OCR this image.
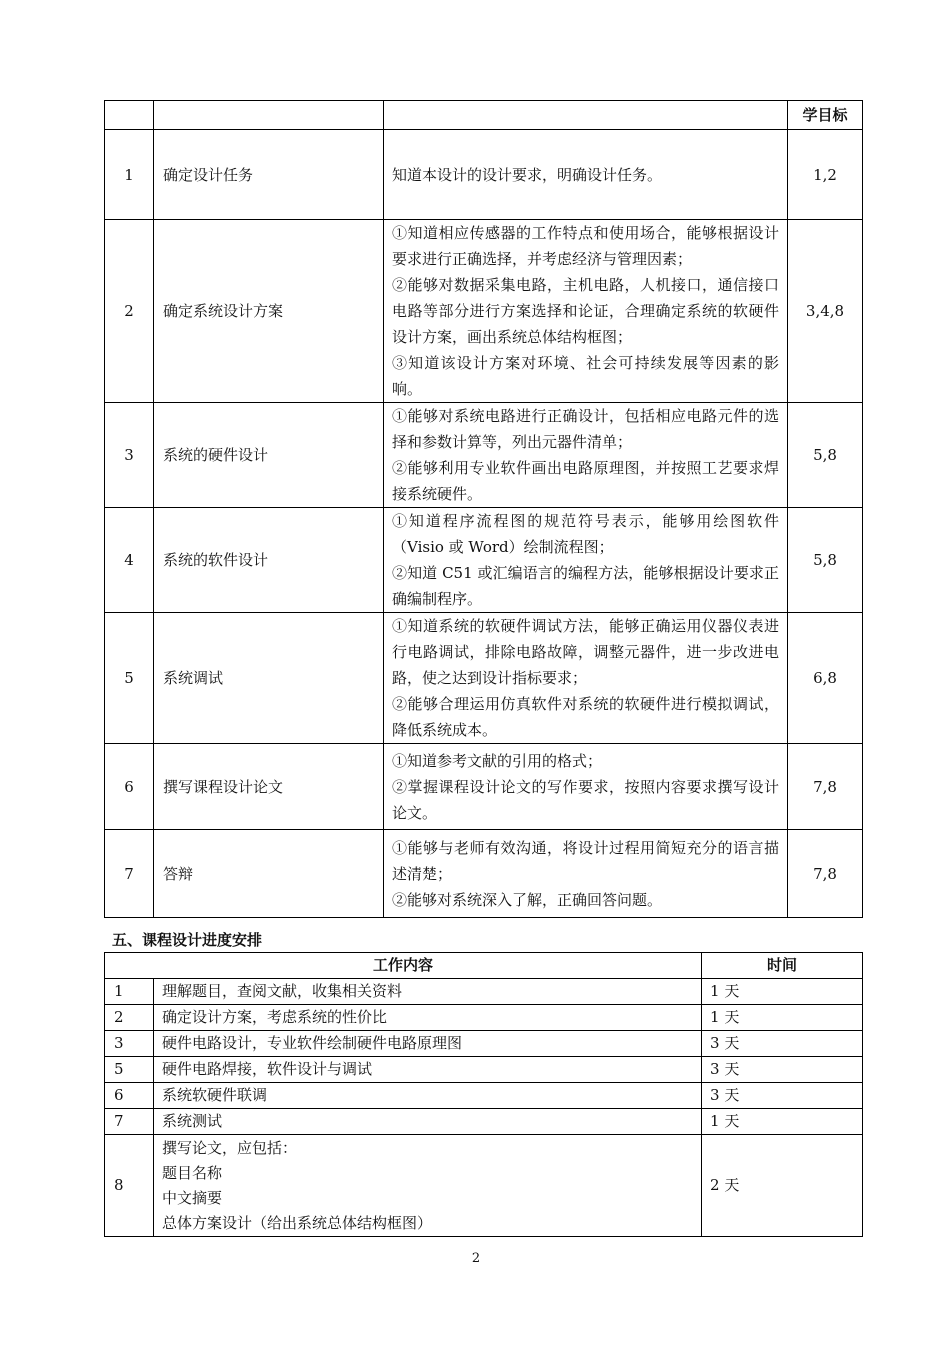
			学目标
1	确定设计任务	知道本设计的设计要求，明确设计任务。	1,2
2	确定系统设计方案	①知道相应传感器的工作特点和使用场合，能够根据设计要求进行正确选择，并考虑经济与管理因素；
②能够对数据采集电路，主机电路，人机接口，通信接口电路等部分进行方案选择和论证，合理确定系统的软硬件设计方案，画出系统总体结构框图；
③知道该设计方案对环境、社会可持续发展等因素的影响。	3,4,8
3	系统的硬件设计	①能够对系统电路进行正确设计，包括相应电路元件的选择和参数计算等，列出元器件清单；
②能够利用专业软件画出电路原理图，并按照工艺要求焊接系统硬件。	5,8
4	系统的软件设计	①知道程序流程图的规范符号表示，能够用绘图软件（Visio 或 Word）绘制流程图；
②知道 C51 或汇编语言的编程方法，能够根据设计要求正确编制程序。	5,8
5	系统调试	①知道系统的软硬件调试方法，能够正确运用仪器仪表进行电路调试，排除电路故障，调整元器件，进一步改进电路，使之达到设计指标要求；
②能够合理运用仿真软件对系统的软硬件进行模拟调试，降低系统成本。	6,8
6	撰写课程设计论文	①知道参考文献的引用的格式；
②掌握课程设计论文的写作要求，按照内容要求撰写设计论文。	7,8
7	答辩	①能够与老师有效沟通，将设计过程用简短充分的语言描述清楚；
②能够对系统深入了解，正确回答问题。	7,8
五、课程设计进度安排
工作内容		时间
1	理解题目，查阅文献，收集相关资料	1 天
2	确定设计方案，考虑系统的性价比	1 天
3	硬件电路设计，专业软件绘制硬件电路原理图	3 天
5	硬件电路焊接，软件设计与调试	3 天
6	系统软硬件联调	3 天
7	系统测试	1 天
8	撰写论文，应包括：
题目名称
中文摘要
总体方案设计（给出系统总体结构框图）	2 天
2
